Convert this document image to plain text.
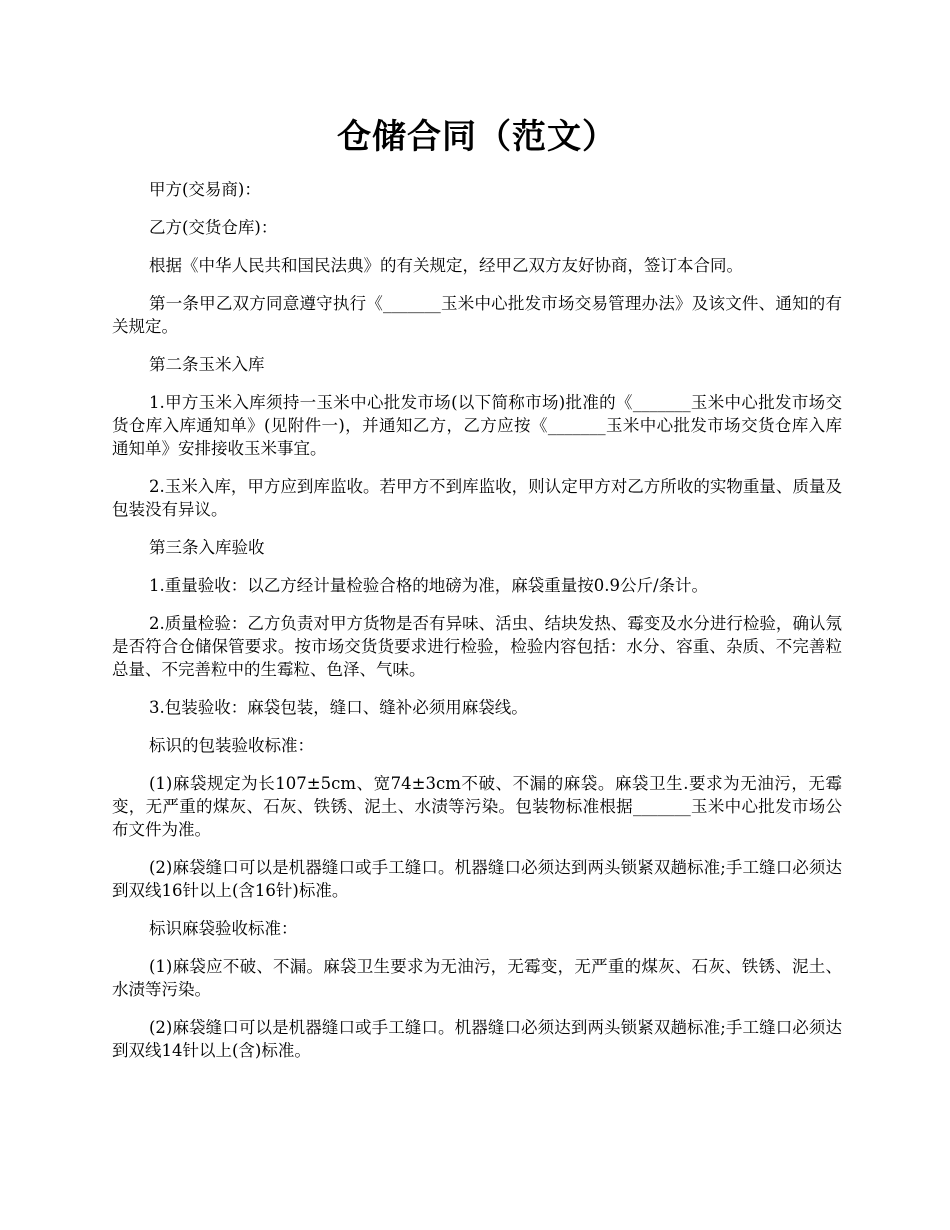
仓储合同（范文）

甲方(交易商)：

乙方(交货仓库)：

根据《中华人民共和国民法典》的有关规定，经甲乙双方友好协商，签订本合同。

第一条甲乙双方同意遵守执行《_______玉米中心批发市场交易管理办法》及该文件、通知的有关规定。

第二条玉米入库

1.甲方玉米入库须持一玉米中心批发市场(以下简称市场)批准的《_______玉米中心批发市场交货仓库入库通知单》(见附件一)，并通知乙方，乙方应按《_______玉米中心批发市场交货仓库入库通知单》安排接收玉米事宜。

2.玉米入库，甲方应到库监收。若甲方不到库监收，则认定甲方对乙方所收的实物重量、质量及包装没有异议。

第三条入库验收

1.重量验收：以乙方经计量检验合格的地磅为准，麻袋重量按0.9公斤/条计。

2.质量检验：乙方负责对甲方货物是否有异味、活虫、结块发热、霉变及水分进行检验，确认氖是否符合仓储保管要求。按市场交货货要求进行检验，检验内容包括：水分、容重、杂质、不完善粒总量、不完善粒中的生霉粒、色泽、气味。

3.包装验收：麻袋包装，缝口、缝补必须用麻袋线。

标识的包装验收标准：

(1)麻袋规定为长107±5cm、宽74±3cm不破、不漏的麻袋。麻袋卫生.要求为无油污，无霉变，无严重的煤灰、石灰、铁锈、泥土、水渍等污染。包装物标准根据_______玉米中心批发市场公布文件为准。

(2)麻袋缝口可以是机器缝口或手工缝口。机器缝口必须达到两头锁紧双趟标准;手工缝口必须达到双线16针以上(含16针)标准。

标识麻袋验收标准：

(1)麻袋应不破、不漏。麻袋卫生要求为无油污，无霉变，无严重的煤灰、石灰、铁锈、泥土、水渍等污染。

(2)麻袋缝口可以是机器缝口或手工缝口。机器缝口必须达到两头锁紧双趟标准;手工缝口必须达到双线14针以上(含)标准。
